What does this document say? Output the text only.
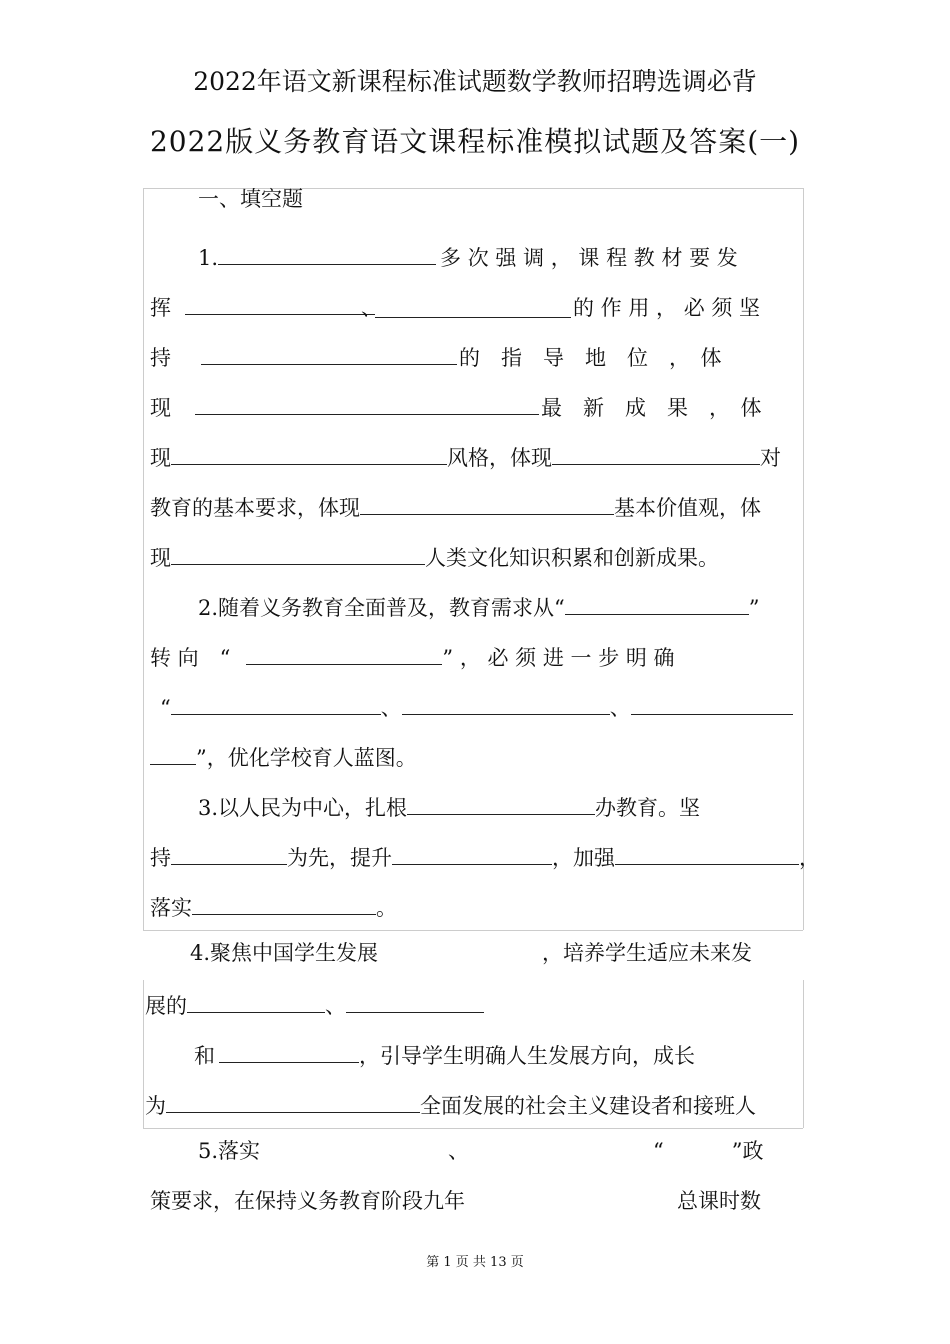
2022年语文新课程标准试题数学教师招聘选调必背
2022版义务教育语文课程标准模拟试题及答案(一)
一、填空题
1.	多 次 强 调 ， 课 程 教 材 要 发
挥	、	的 作 用 ， 必 须 坚
持	的　指　导　地　位　，　体
现	最　新　成　果　，　体
现	风格，体现	对
教育的基本要求，体现	基本价值观，体
现	人类文化知识积累和创新成果。
2.随着义务教育全面普及，教育需求从“	”
转 向　“	” ， 必 须 进 一 步 明 确
“	、	、
”，优化学校育人蓝图。
3.以人民为中心，扎根	办教育。坚
持	为先，提升	，加强	，
落实	。
4.聚焦中国学生发展	，培养学生适应未来发
展的	、
和	，引导学生明确人生发展方向，成长
为	全面发展的社会主义建设者和接班人
5.落实	、	“	”政
策要求，在保持义务教育阶段九年	总课时数
第 1 页 共 13 页
